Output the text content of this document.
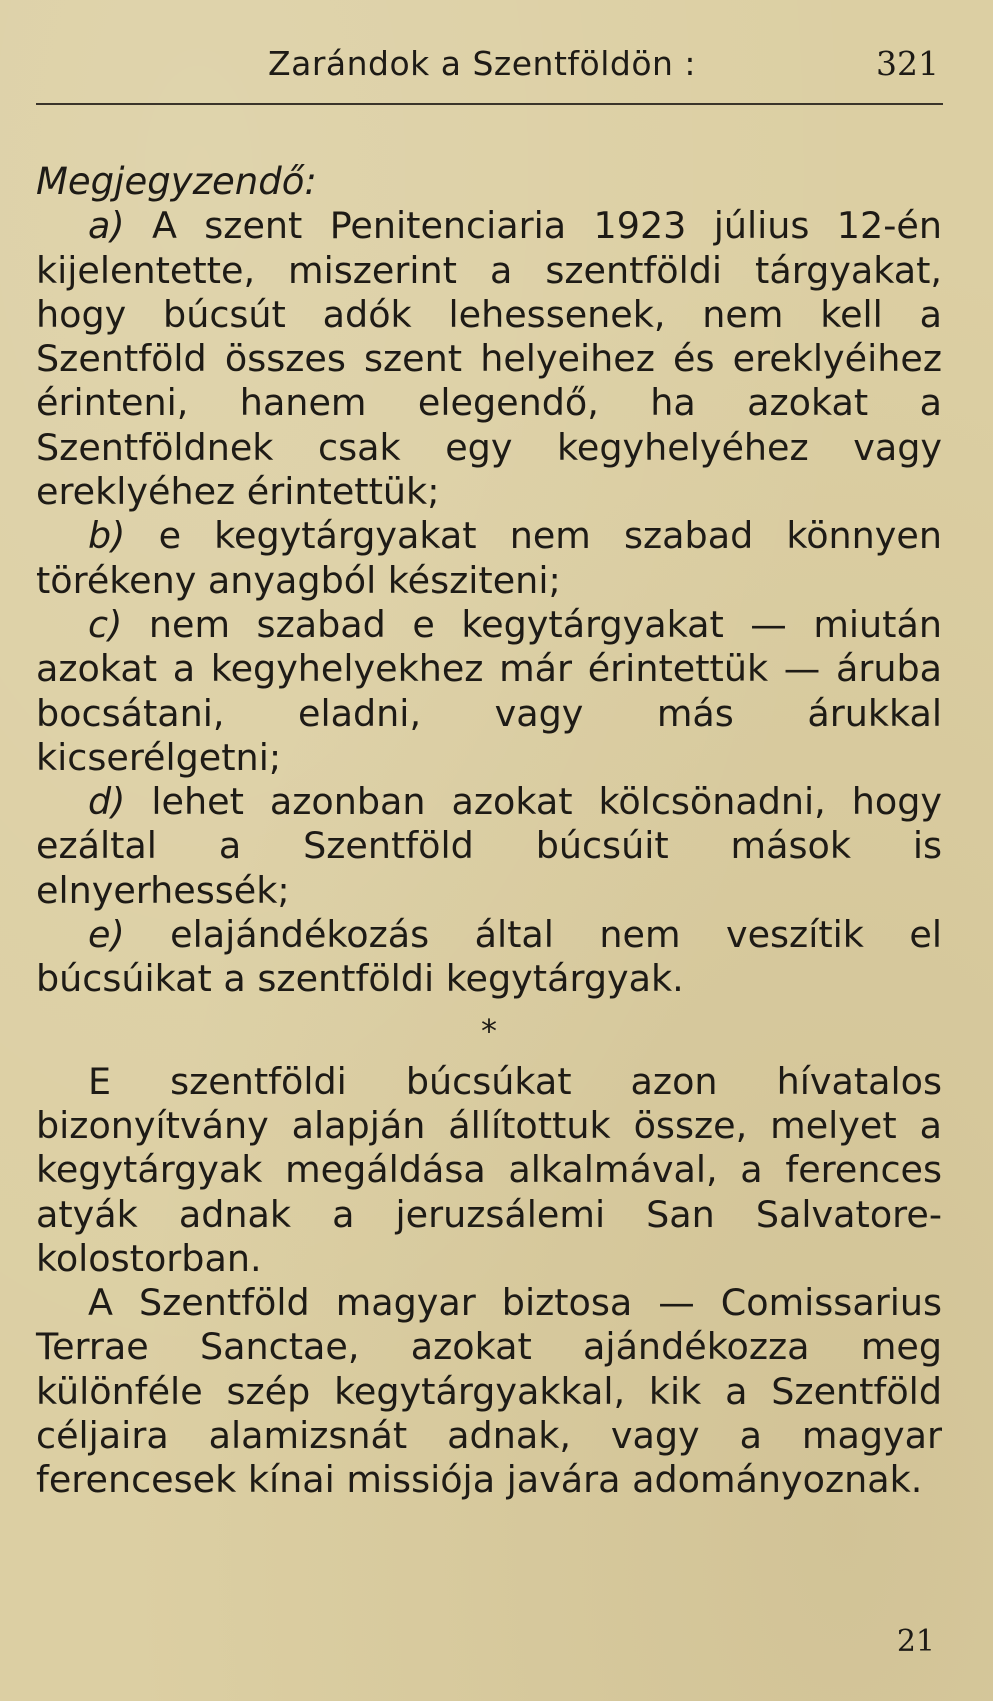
Zarándok a Szentföldön :	321

Megjegyzendő:

a) A szent Penitenciaria 1923 július 12-én kijelentette, miszerint a szentföldi tárgyakat, hogy búcsút adók lehessenek, nem kell a Szentföld összes szent helyeihez és ereklyéihez érinteni, hanem elegendő, ha azokat a Szentföldnek csak egy kegyhelyéhez vagy ereklyéhez érintettük;

b) e kegytárgyakat nem szabad könnyen törékeny anyagból késziteni;

c) nem szabad e kegytárgyakat — miután azokat a kegyhelyekhez már érintettük — áruba bocsátani, eladni, vagy más árukkal kicserélgetni;

d) lehet azonban azokat kölcsönadni, hogy ezáltal a Szentföld búcsúit mások is elnyerhessék;

e) elajándékozás által nem veszítik el búcsúikat a szentföldi kegytárgyak.

*

E szentföldi búcsúkat azon hívatalos bizonyítvány alapján állítottuk össze, melyet a kegytárgyak megáldása alkalmával, a ferences atyák adnak a jeruzsálemi San Salvatore-kolostorban.

A Szentföld magyar biztosa — Comissarius Terrae Sanctae, azokat ajándékozza meg különféle szép kegytárgyakkal, kik a Szentföld céljaira alamizsnát adnak, vagy a magyar ferencesek kínai missiója javára adományoznak.

21
